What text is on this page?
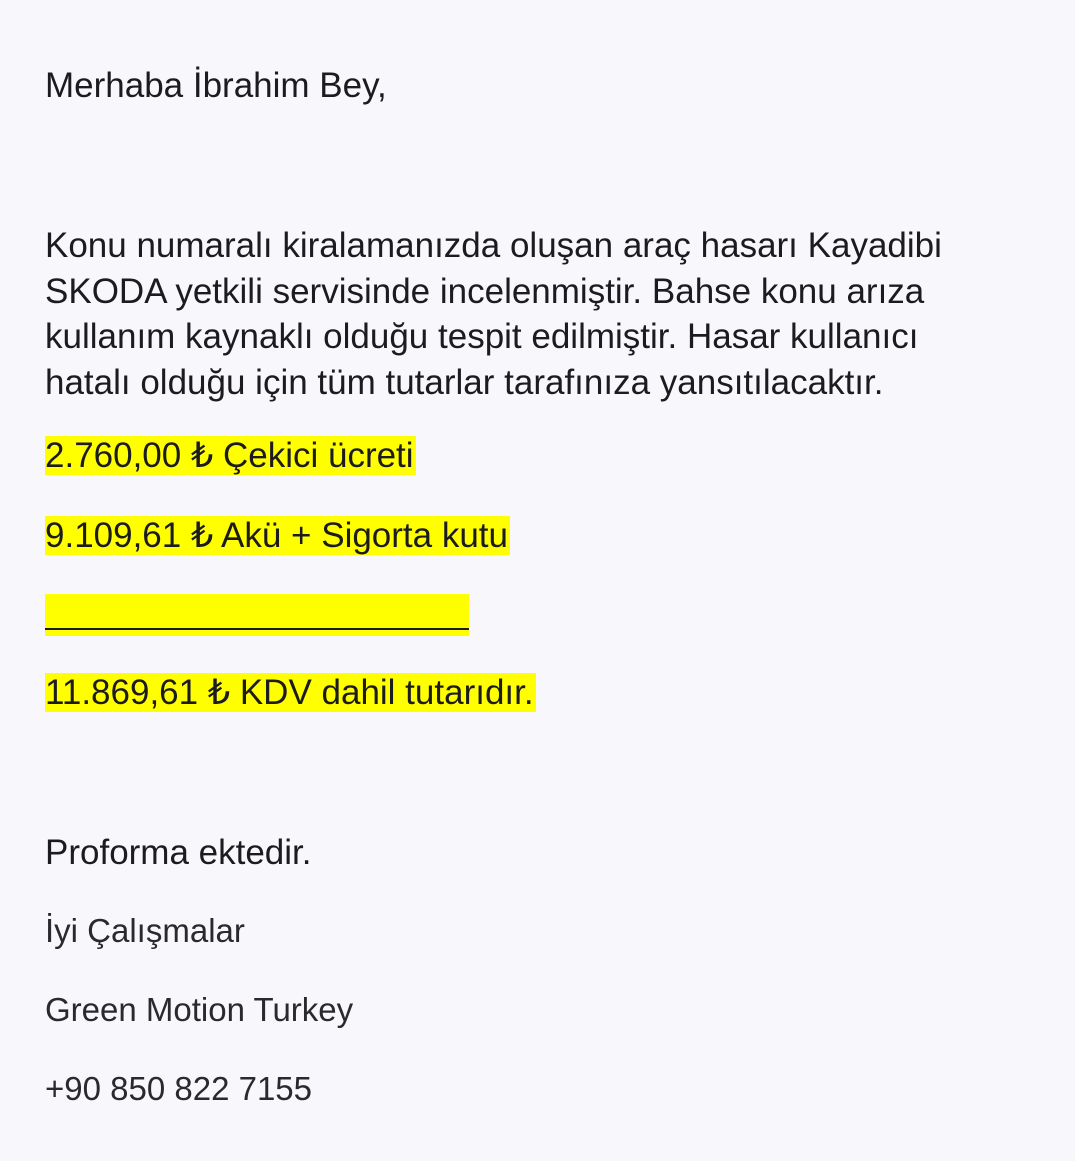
Merhaba İbrahim Bey,
Konu numaralı kiralamanızda oluşan araç hasarı Kayadibi
SKODA yetkili servisinde incelenmiştir. Bahse konu arıza
kullanım kaynaklı olduğu tespit edilmiştir. Hasar kullanıcı
hatalı olduğu için tüm tutarlar tarafınıza yansıtılacaktır.
2.760,00 ₺ Çekici ücreti
9.109,61 ₺ Akü + Sigorta kutu
11.869,61 ₺ KDV dahil tutarıdır.
Proforma ektedir.
İyi Çalışmalar
Green Motion Turkey
+90 850 822 7155
